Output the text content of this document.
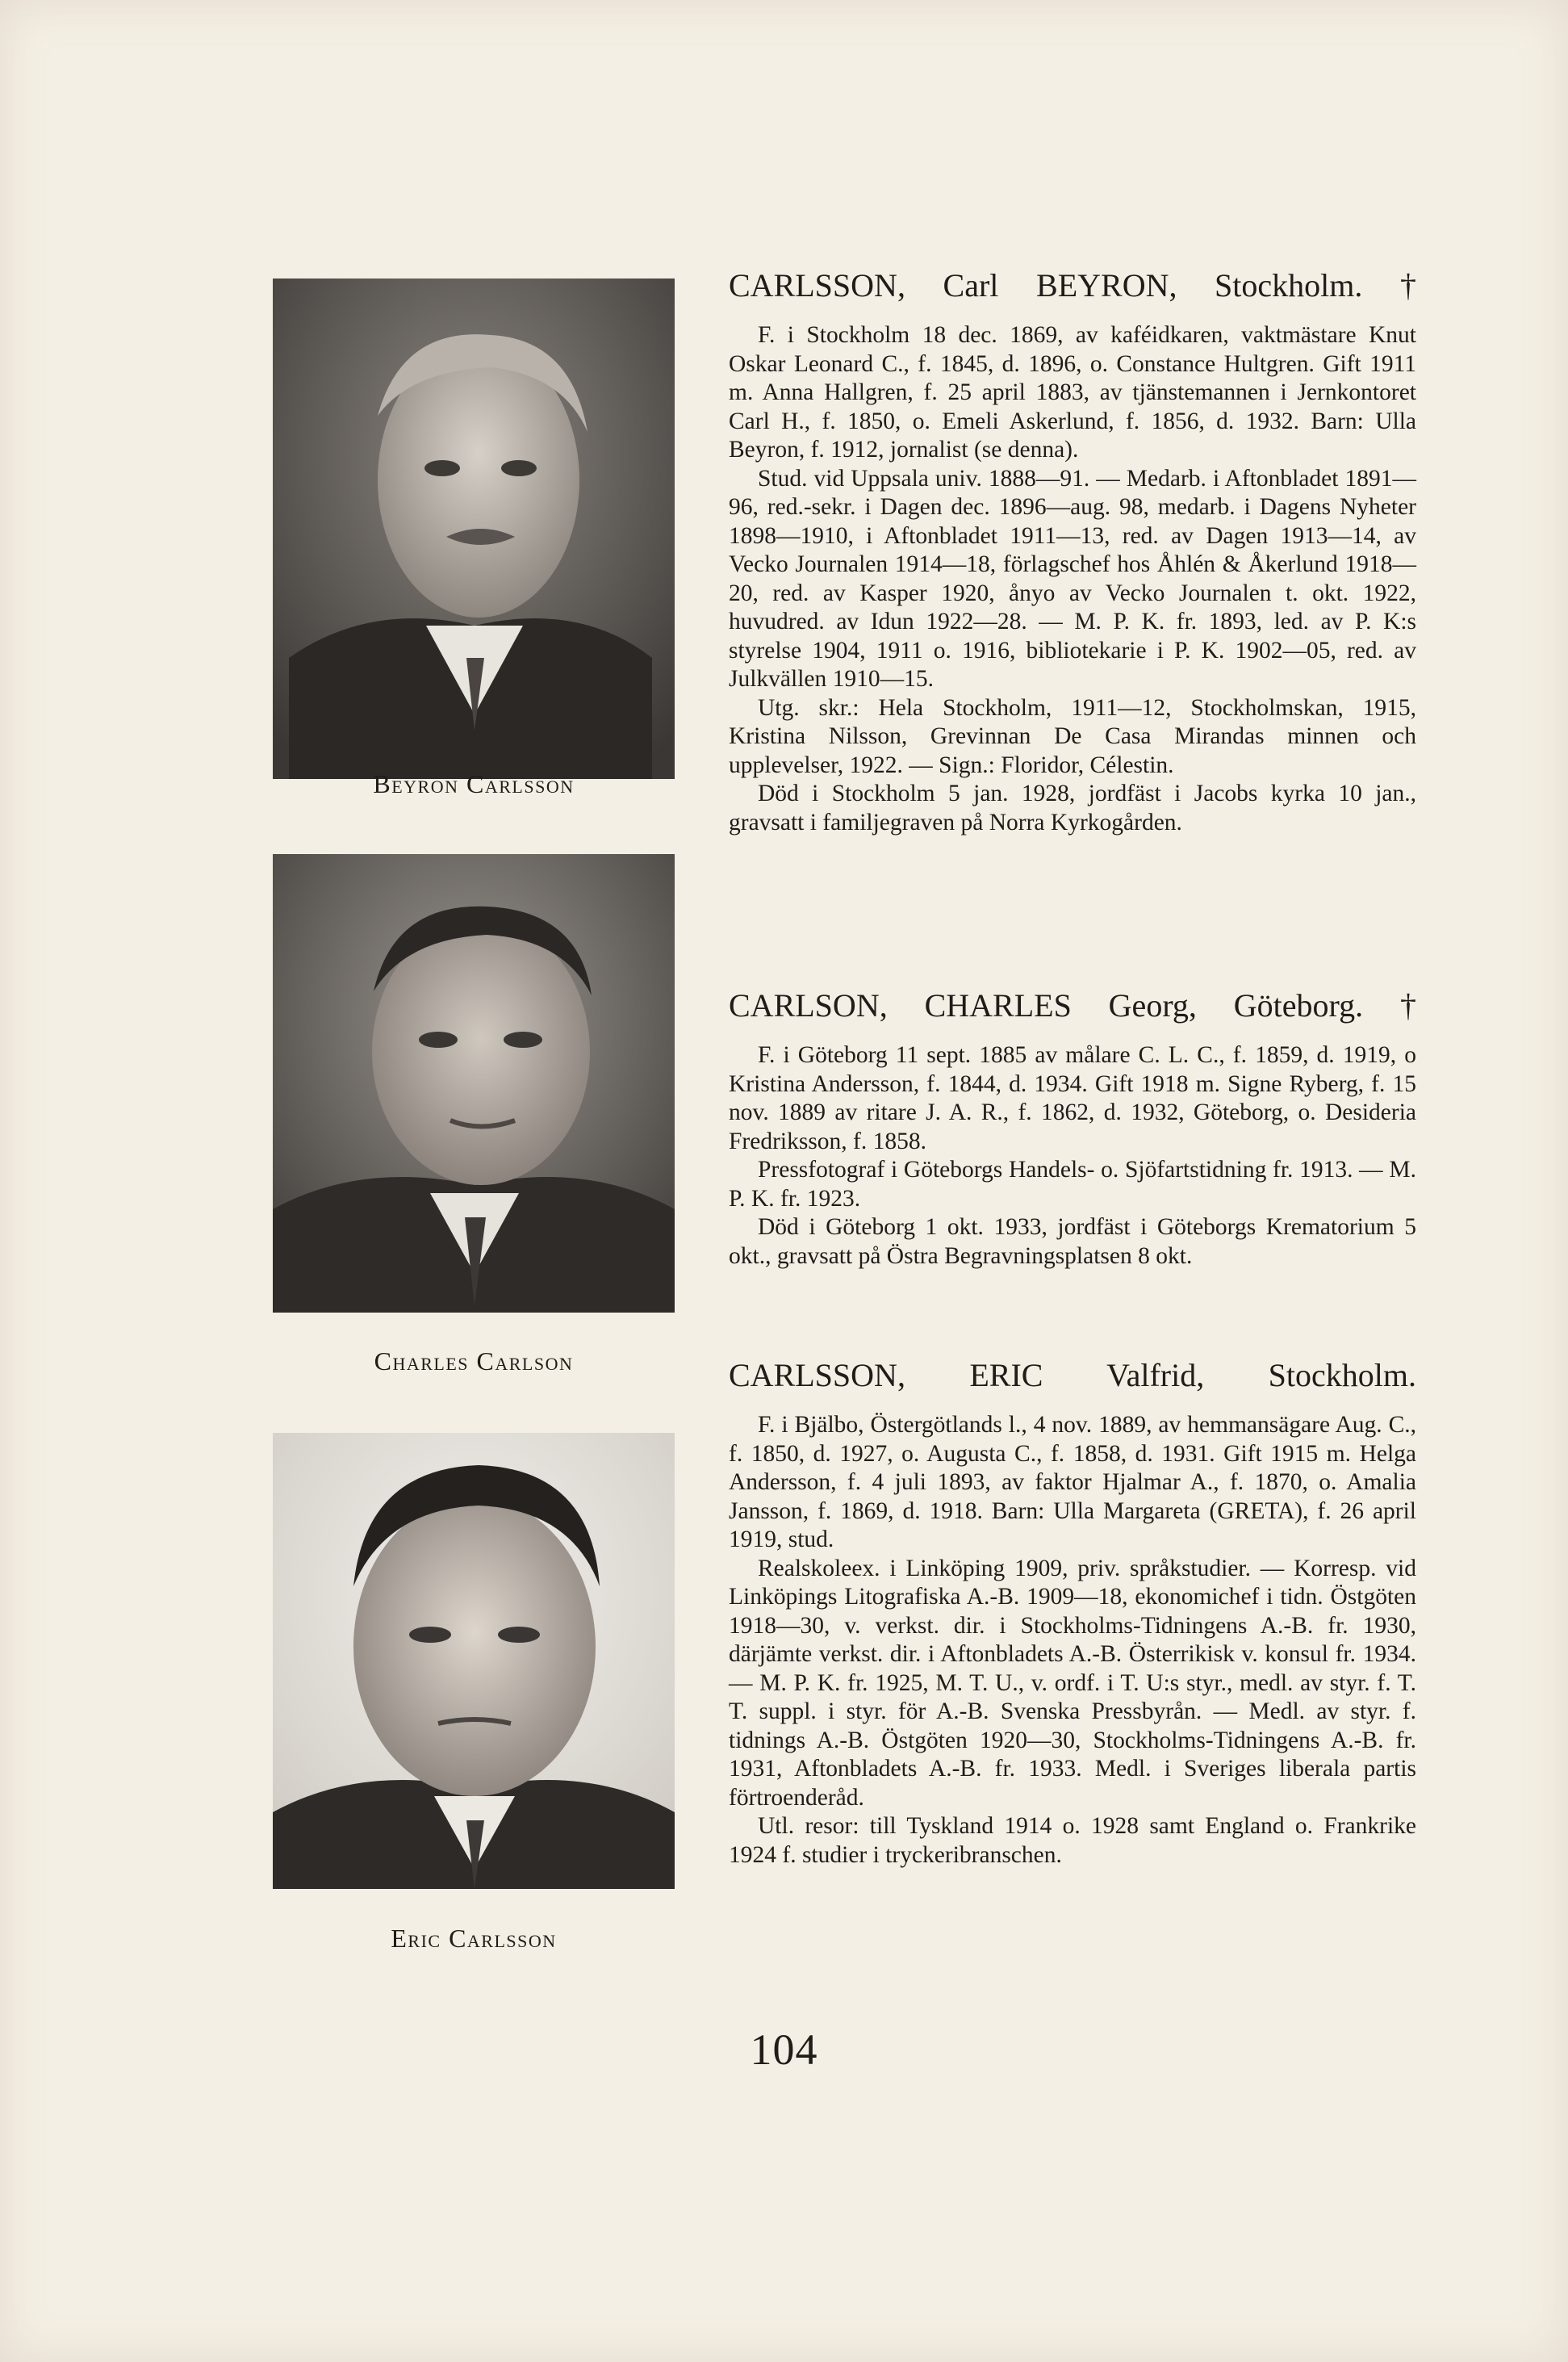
Beyron Carlsson
Charles Carlson
Eric Carlsson
CARLSSON, Carl BEYRON, Stockholm. †

F. i Stockholm 18 dec. 1869, av kaféidkaren, vaktmästare Knut Oskar Leonard C., f. 1845, d. 1896, o. Constance Hultgren. Gift 1911 m. Anna Hallgren, f. 25 april 1883, av tjänstemannen i Jernkontoret Carl H., f. 1850, o. Emeli Askerlund, f. 1856, d. 1932. Barn: Ulla Beyron, f. 1912, jornalist (se denna).

Stud. vid Uppsala univ. 1888—91. — Medarb. i Aftonbladet 1891—96, red.-sekr. i Dagen dec. 1896—aug. 98, medarb. i Dagens Nyheter 1898—1910, i Aftonbladet 1911—13, red. av Dagen 1913—14, av Vecko Journalen 1914—18, förlagschef hos Åhlén & Åkerlund 1918—20, red. av Kasper 1920, ånyo av Vecko Journalen t. okt. 1922, huvudred. av Idun 1922—28. — M. P. K. fr. 1893, led. av P. K:s styrelse 1904, 1911 o. 1916, bibliotekarie i P. K. 1902—05, red. av Julkvällen 1910—15.

Utg. skr.: Hela Stockholm, 1911—12, Stockholmskan, 1915, Kristina Nilsson, Grevinnan De Casa Mirandas minnen och upplevelser, 1922. — Sign.: Floridor, Célestin.

Död i Stockholm 5 jan. 1928, jordfäst i Jacobs kyrka 10 jan., gravsatt i familjegraven på Norra Kyrkogården.

CARLSON, CHARLES Georg, Göteborg. †

F. i Göteborg 11 sept. 1885 av målare C. L. C., f. 1859, d. 1919, o Kristina Andersson, f. 1844, d. 1934. Gift 1918 m. Signe Ryberg, f. 15 nov. 1889 av ritare J. A. R., f. 1862, d. 1932, Göteborg, o. Desideria Fredriksson, f. 1858.

Pressfotograf i Göteborgs Handels- o. Sjöfartstidning fr. 1913. — M. P. K. fr. 1923.

Död i Göteborg 1 okt. 1933, jordfäst i Göteborgs Krematorium 5 okt., gravsatt på Östra Begravningsplatsen 8 okt.

CARLSSON, ERIC Valfrid, Stockholm.

F. i Bjälbo, Östergötlands l., 4 nov. 1889, av hemmansägare Aug. C., f. 1850, d. 1927, o. Augusta C., f. 1858, d. 1931. Gift 1915 m. Helga Andersson, f. 4 juli 1893, av faktor Hjalmar A., f. 1870, o. Amalia Jansson, f. 1869, d. 1918. Barn: Ulla Margareta (GRETA), f. 26 april 1919, stud.

Realskoleex. i Linköping 1909, priv. språkstudier. — Korresp. vid Linköpings Litografiska A.-B. 1909—18, ekonomichef i tidn. Östgöten 1918—30, v. verkst. dir. i Stockholms-Tidningens A.-B. fr. 1930, därjämte verkst. dir. i Aftonbladets A.-B. Österrikisk v. konsul fr. 1934. — M. P. K. fr. 1925, M. T. U., v. ordf. i T. U:s styr., medl. av styr. f. T. T. suppl. i styr. för A.-B. Svenska Pressbyrån. — Medl. av styr. f. tidnings A.-B. Östgöten 1920—30, Stockholms-Tidningens A.-B. fr. 1931, Aftonbladets A.-B. fr. 1933. Medl. i Sveriges liberala partis förtroenderåd.

Utl. resor: till Tyskland 1914 o. 1928 samt England o. Frankrike 1924 f. studier i tryckeribranschen.

104
